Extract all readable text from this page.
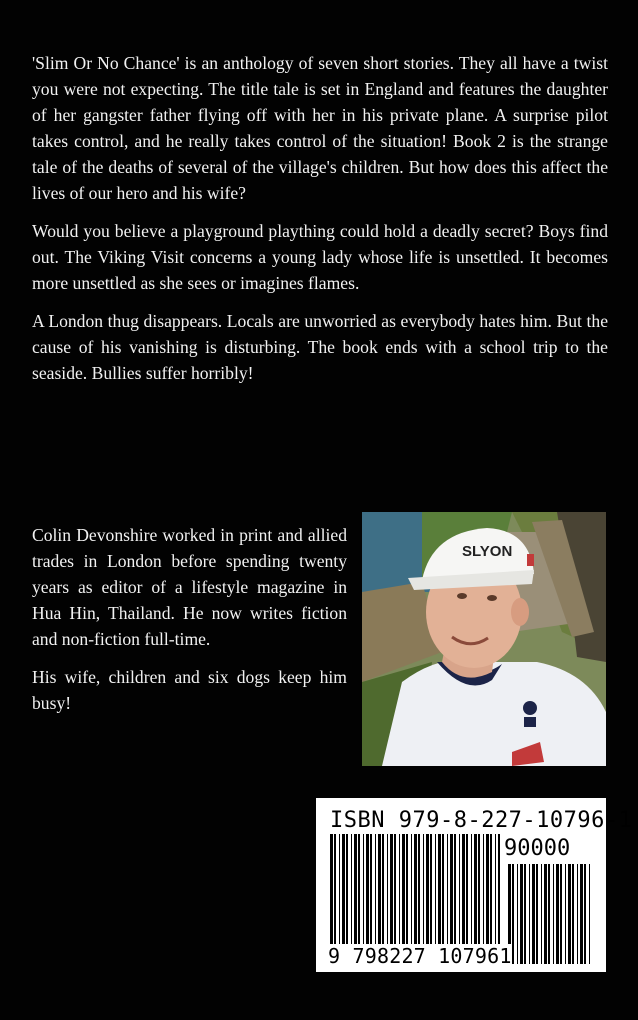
'Slim Or No Chance' is an anthology of seven short stories. They all have a twist you were not expecting. The title tale is set in England and features the daughter of her gangster father flying off with her in his private plane. A surprise pilot takes control, and he really takes control of the situation! Book 2 is the strange tale of the deaths of several of the village's children. But how does this affect the lives of our hero and his wife?

Would you believe a playground plaything could hold a deadly secret? Boys find out. The Viking Visit concerns a young lady whose life is unsettled. It becomes more unsettled as she sees or imagines flames.

A London thug disappears. Locals are unworried as everybody hates him. But the cause of his vanishing is disturbing. The book ends with a school trip to the seaside. Bullies suffer horribly!

Colin Devonshire worked in print and allied trades in London before spending twenty years as editor of a lifestyle magazine in Hua Hin, Thailand. He now writes fiction and non-fiction full-time.

His wife, children and six dogs keep him busy!

SLYON
ISBN 979-8-227-10796-1
90000
9 798227 107961
